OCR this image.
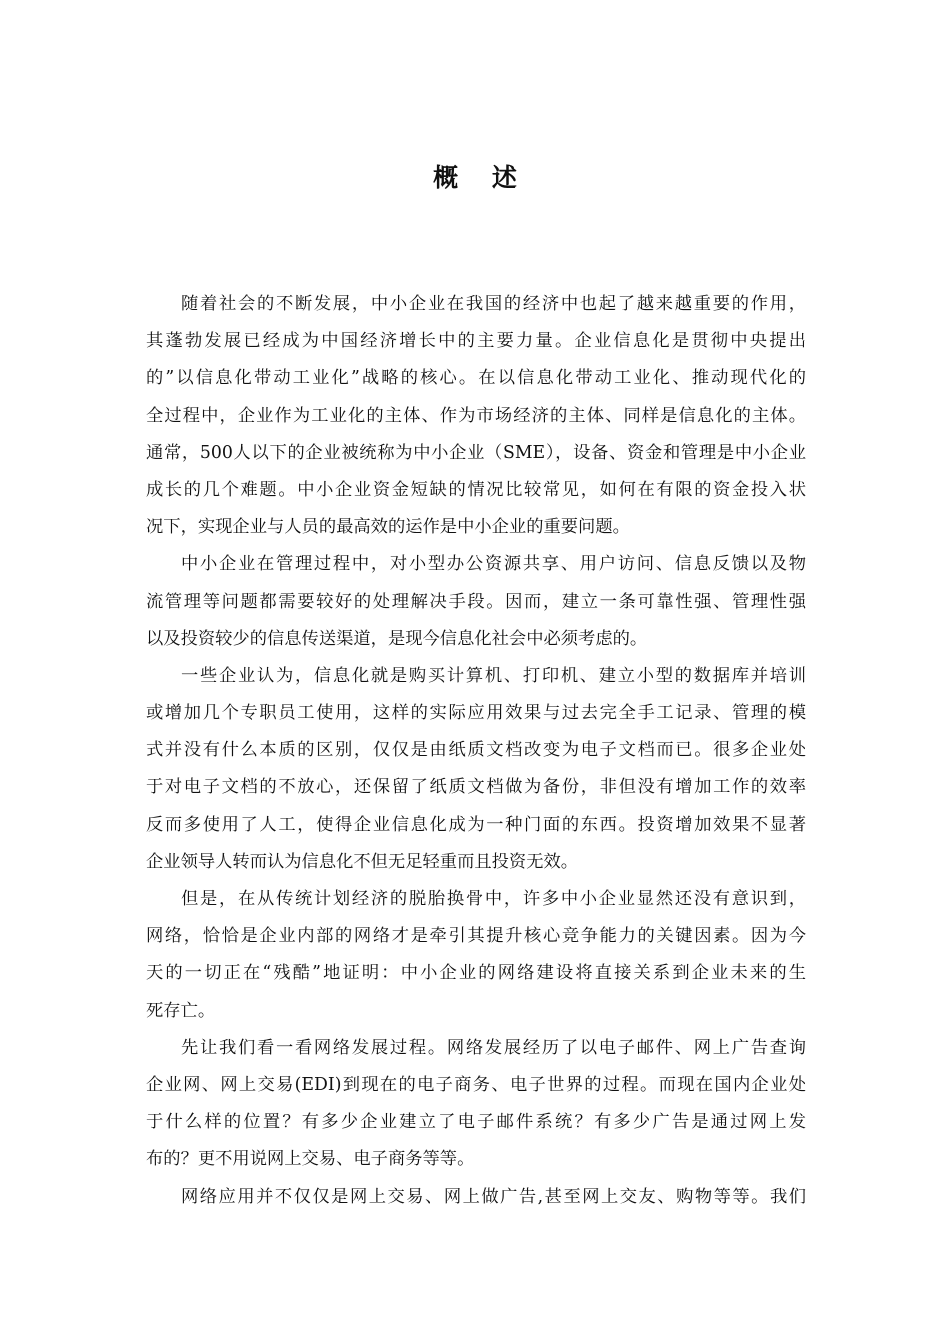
概　 述
随着社会的不断发展，中小企业在我国的经济中也起了越来越重要的作用，
其蓬勃发展已经成为中国经济增长中的主要力量。企业信息化是贯彻中央提出
的”以信息化带动工业化”战略的核心。在以信息化带动工业化、推动现代化的
全过程中，企业作为工业化的主体、作为市场经济的主体、同样是信息化的主体。
通常，500人以下的企业被统称为中小企业（SME），设备、资金和管理是中小企业
成长的几个难题。中小企业资金短缺的情况比较常见，如何在有限的资金投入状
况下，实现企业与人员的最高效的运作是中小企业的重要问题。
中小企业在管理过程中，对小型办公资源共享、用户访问、信息反馈以及物
流管理等问题都需要较好的处理解决手段。因而，建立一条可靠性强、管理性强
以及投资较少的信息传送渠道，是现今信息化社会中必须考虑的。
一些企业认为，信息化就是购买计算机、打印机、建立小型的数据库并培训
或增加几个专职员工使用，这样的实际应用效果与过去完全手工记录、管理的模
式并没有什么本质的区别，仅仅是由纸质文档改变为电子文档而已。很多企业处
于对电子文档的不放心，还保留了纸质文档做为备份，非但没有增加工作的效率
反而多使用了人工，使得企业信息化成为一种门面的东西。投资增加效果不显著
企业领导人转而认为信息化不但无足轻重而且投资无效。
但是，在从传统计划经济的脱胎换骨中，许多中小企业显然还没有意识到，
网络，恰恰是企业内部的网络才是牵引其提升核心竞争能力的关键因素。因为今
天的一切正在“残酷”地证明：中小企业的网络建设将直接关系到企业未来的生
死存亡。
先让我们看一看网络发展过程。网络发展经历了以电子邮件、网上广告查询
企业网、网上交易(EDI)到现在的电子商务、电子世界的过程。而现在国内企业处
于什么样的位置？有多少企业建立了电子邮件系统？有多少广告是通过网上发
布的？更不用说网上交易、电子商务等等。
网络应用并不仅仅是网上交易、网上做广告,甚至网上交友、购物等等。我们
